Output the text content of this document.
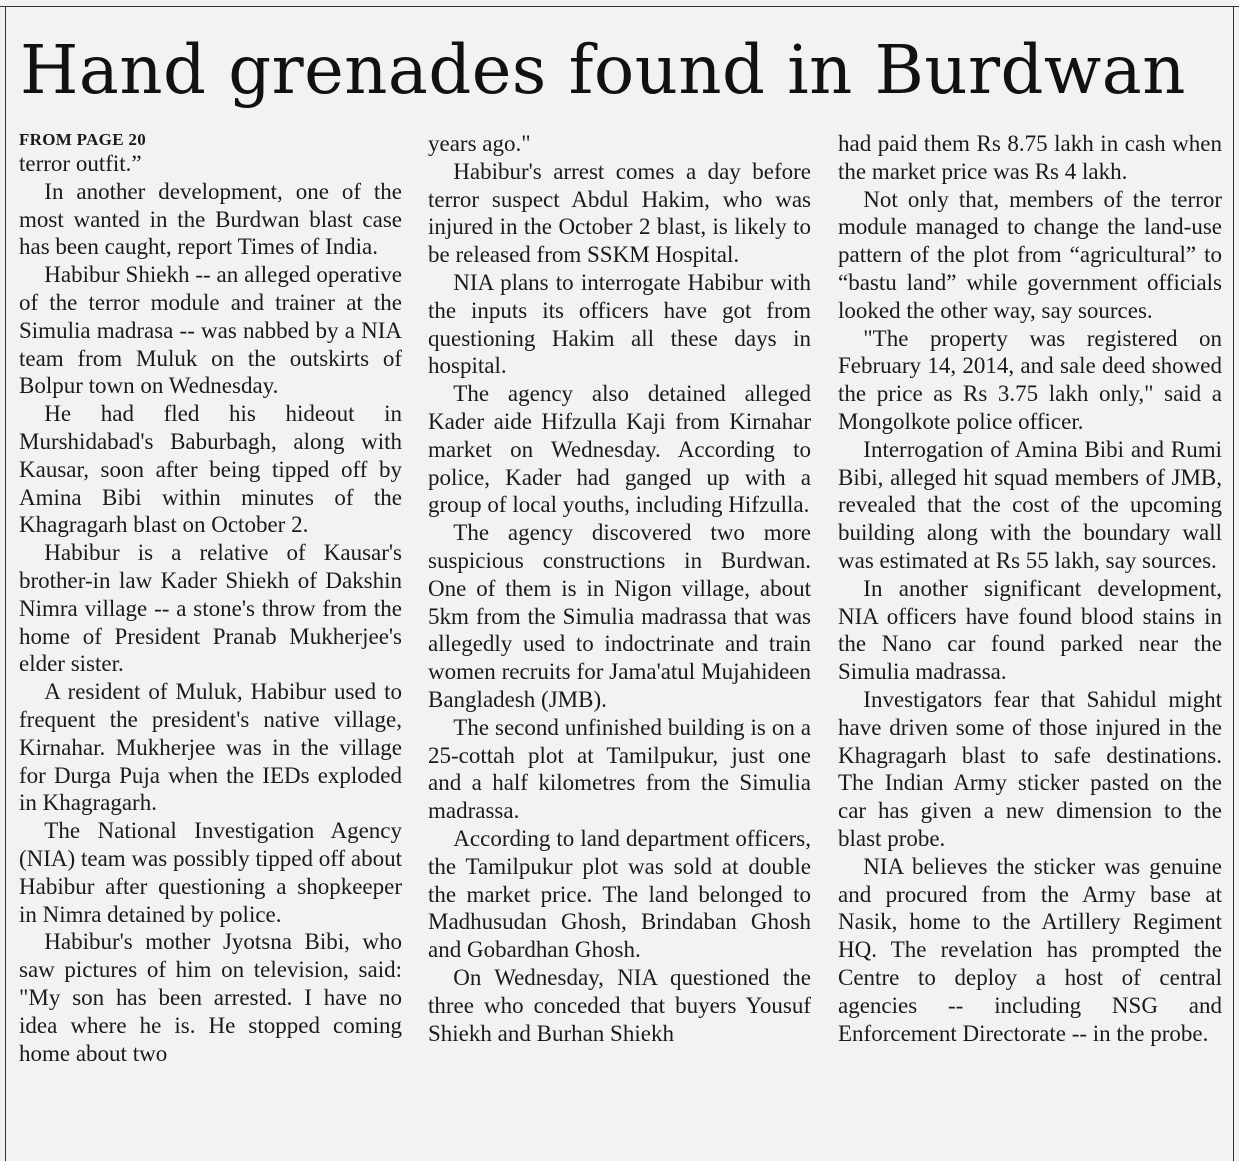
Hand grenades found in Burdwan
FROM PAGE 20

terror outfit.”

In another development, one of the most wanted in the Burdwan blast case has been caught, report Times of India.

Habibur Shiekh -- an alleged operative of the terror module and trainer at the Simulia madrasa -- was nabbed by a NIA team from Muluk on the outskirts of Bolpur town on Wednesday.

He had fled his hideout in Murshidabad's Baburbagh, along with Kausar, soon after being tipped off by Amina Bibi within minutes of the Khagragarh blast on October 2.

Habibur is a relative of Kausar's brother-in law Kader Shiekh of Dakshin Nimra village -- a stone's throw from the home of President Pranab Mukherjee's elder sister.

A resident of Muluk, Habibur used to frequent the president's native village, Kirnahar. Mukherjee was in the village for Durga Puja when the IEDs exploded in Khagragarh.

The National Investigation Agency (NIA) team was possibly tipped off about Habibur after questioning a shopkeeper in Nimra detained by police.

Habibur's mother Jyotsna Bibi, who saw pictures of him on television, said: "My son has been arrested. I have no idea where he is. He stopped coming home about two

years ago."

Habibur's arrest comes a day before terror suspect Abdul Hakim, who was injured in the October 2 blast, is likely to be released from SSKM Hospital.

NIA plans to interrogate Habibur with the inputs its officers have got from questioning Hakim all these days in hospital.

The agency also detained alleged Kader aide Hifzulla Kaji from Kirnahar market on Wednesday. According to police, Kader had ganged up with a group of local youths, including Hifzulla.

The agency discovered two more suspicious constructions in Burdwan. One of them is in Nigon village, about 5km from the Simulia madrassa that was allegedly used to indoctrinate and train women recruits for Jama'atul Mujahideen Bangladesh (JMB).

The second unfinished building is on a 25-cottah plot at Tamilpukur, just one and a half kilometres from the Simulia madrassa.

According to land department officers, the Tamilpukur plot was sold at double the market price. The land belonged to Madhusudan Ghosh, Brindaban Ghosh and Gobardhan Ghosh.

On Wednesday, NIA questioned the three who conceded that buyers Yousuf Shiekh and Burhan Shiekh

had paid them Rs 8.75 lakh in cash when the market price was Rs 4 lakh.

Not only that, members of the terror module managed to change the land-use pattern of the plot from “agricultural” to “bastu land” while government officials looked the other way, say sources.

"The property was registered on February 14, 2014, and sale deed showed the price as Rs 3.75 lakh only," said a Mongolkote police officer.

Interrogation of Amina Bibi and Rumi Bibi, alleged hit squad members of JMB, revealed that the cost of the upcoming building along with the boundary wall was estimated at Rs 55 lakh, say sources.

In another significant development, NIA officers have found blood stains in the Nano car found parked near the Simulia madrassa.

Investigators fear that Sahidul might have driven some of those injured in the Khagragarh blast to safe destinations. The Indian Army sticker pasted on the car has given a new dimension to the blast probe.

NIA believes the sticker was genuine and procured from the Army base at Nasik, home to the Artillery Regiment HQ. The revelation has prompted the Centre to deploy a host of central agencies -- including NSG and Enforcement Directorate -- in the probe.
